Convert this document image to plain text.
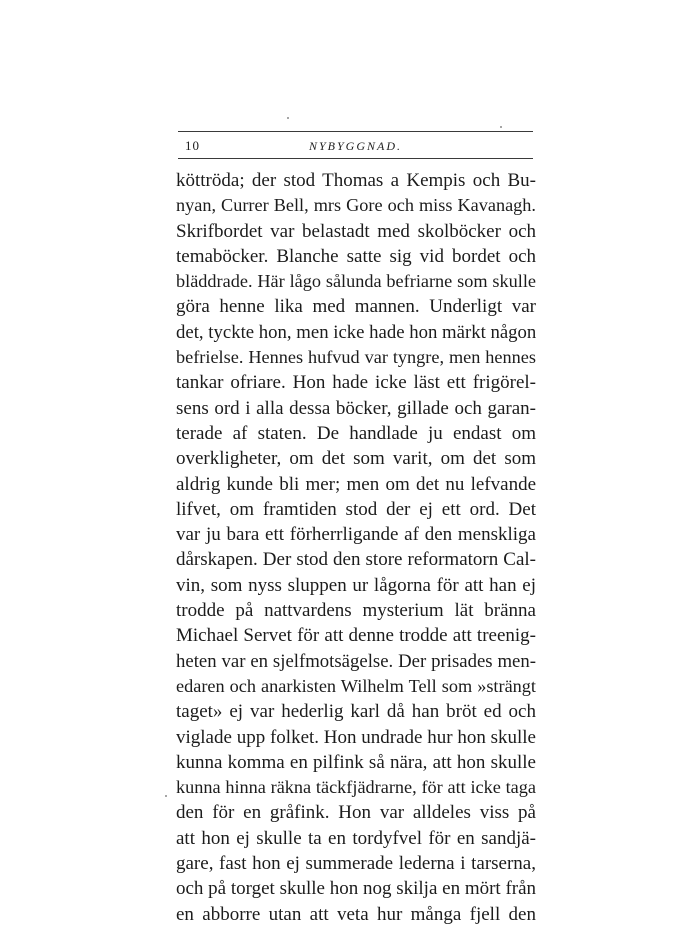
10	NYBYGGNAD.
köttröda; der stod Thomas a Kempis och Bu-
nyan, Currer Bell, mrs Gore och miss Kavanagh.
Skrifbordet var belastadt med skolböcker och
temaböcker. Blanche satte sig vid bordet och
bläddrade. Här lågo sålunda befriarne som skulle
göra henne lika med mannen. Underligt var
det, tyckte hon, men icke hade hon märkt någon
befrielse. Hennes hufvud var tyngre, men hennes
tankar ofriare. Hon hade icke läst ett frigörel-
sens ord i alla dessa böcker, gillade och garan-
terade af staten. De handlade ju endast om
overkligheter, om det som varit, om det som
aldrig kunde bli mer; men om det nu lefvande
lifvet, om framtiden stod der ej ett ord. Det
var ju bara ett förherrligande af den menskliga
dårskapen. Der stod den store reformatorn Cal-
vin, som nyss sluppen ur lågorna för att han ej
trodde på nattvardens mysterium lät bränna
Michael Servet för att denne trodde att treenig-
heten var en sjelfmotsägelse. Der prisades men-
edaren och anarkisten Wilhelm Tell som »strängt
taget» ej var hederlig karl då han bröt ed och
viglade upp folket. Hon undrade hur hon skulle
kunna komma en pilfink så nära, att hon skulle
kunna hinna räkna täckfjädrarne, för att icke taga
den för en gråfink. Hon var alldeles viss på
att hon ej skulle ta en tordyfvel för en sandjä-
gare, fast hon ej summerade lederna i tarserna,
och på torget skulle hon nog skilja en mört från
en abborre utan att veta hur många fjell den
